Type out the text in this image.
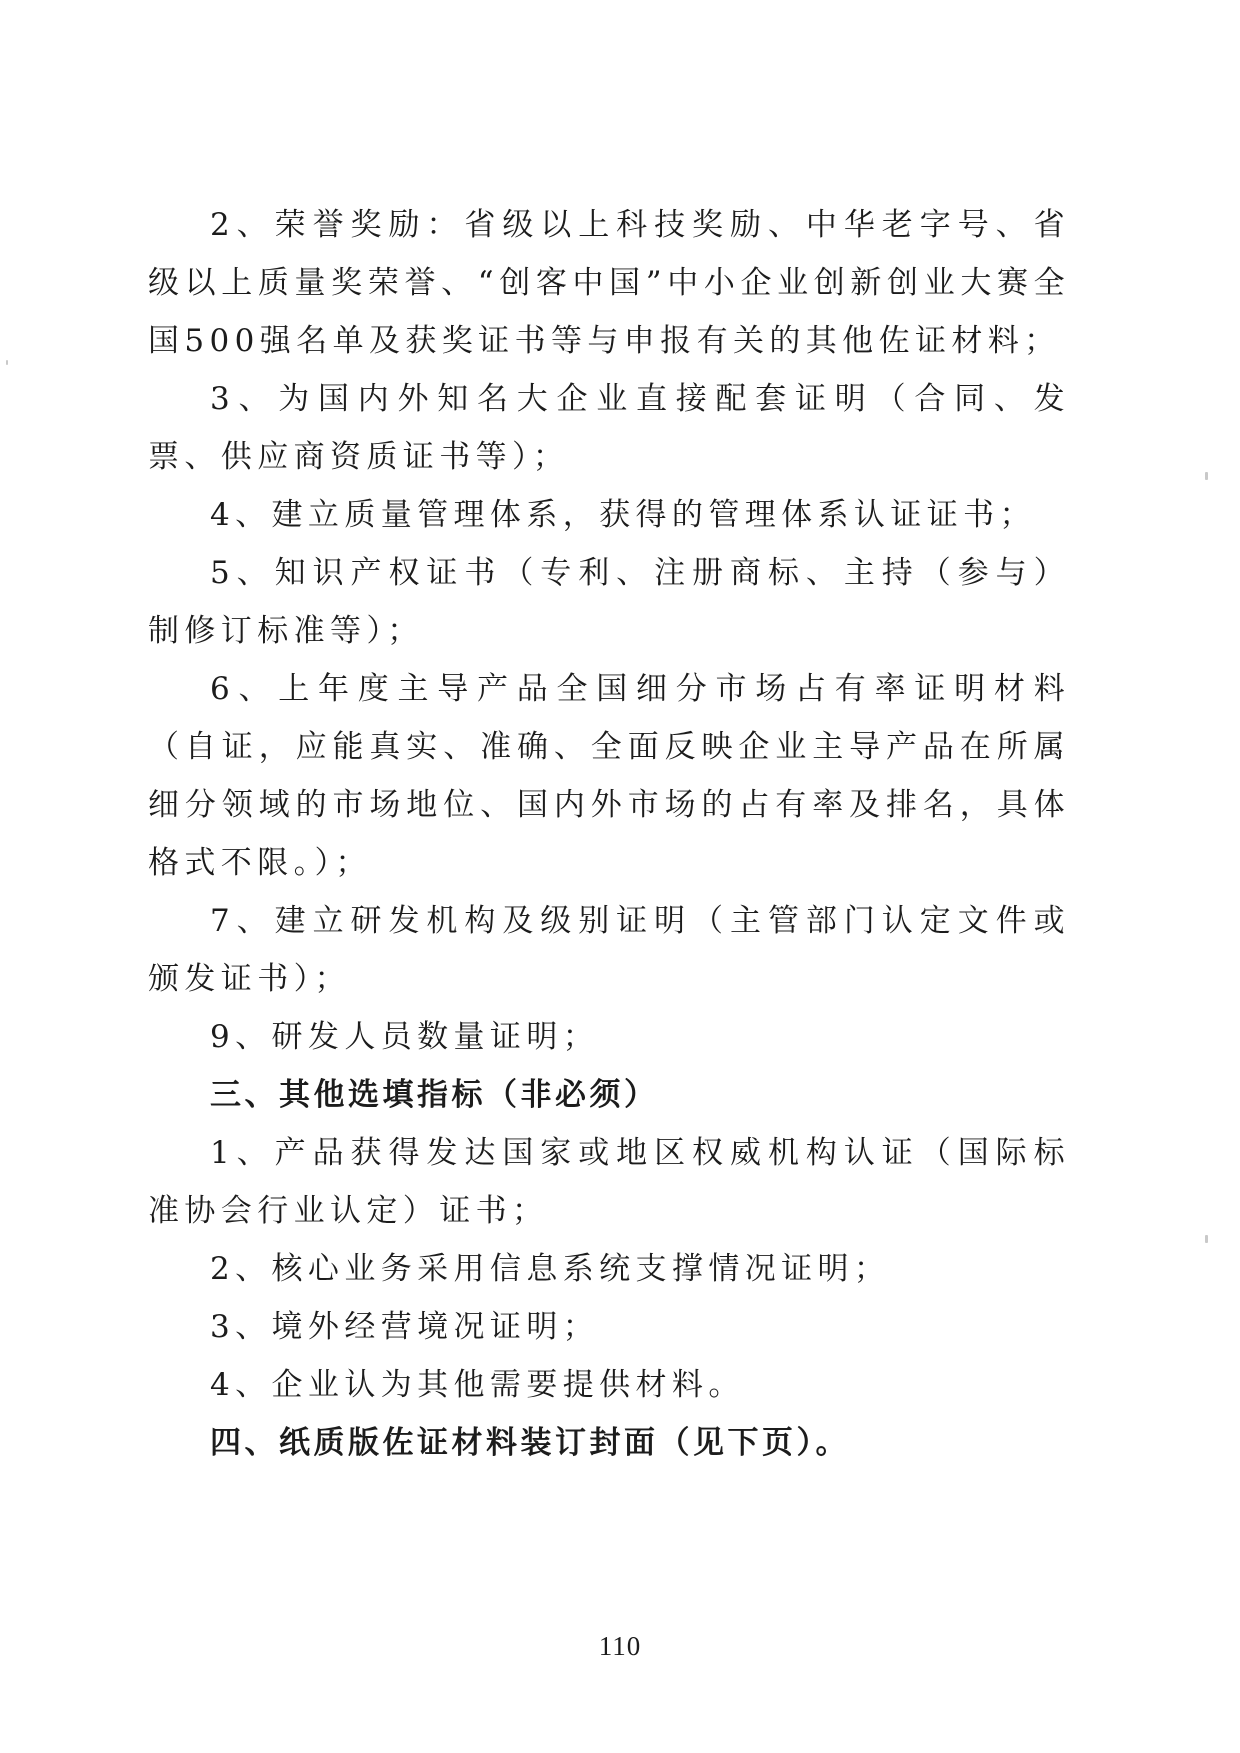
2、荣誉奖励：省级以上科技奖励、中华老字号、省级以上质量奖荣誉、“创客中国”中小企业创新创业大赛全国500强名单及获奖证书等与申报有关的其他佐证材料；

3、为国内外知名大企业直接配套证明（合同、发票、供应商资质证书等）；

4、建立质量管理体系，获得的管理体系认证证书；

5、知识产权证书（专利、注册商标、主持（参与）制修订标准等）；

6、上年度主导产品全国细分市场占有率证明材料（自证，应能真实、准确、全面反映企业主导产品在所属细分领域的市场地位、国内外市场的占有率及排名，具体格式不限。）；

7、建立研发机构及级别证明（主管部门认定文件或颁发证书）；

9、研发人员数量证明；

三、其他选填指标（非必须）

1、产品获得发达国家或地区权威机构认证（国际标准协会行业认定）证书；

2、核心业务采用信息系统支撑情况证明；

3、境外经营境况证明；

4、企业认为其他需要提供材料。

四、纸质版佐证材料装订封面（见下页）。

110
